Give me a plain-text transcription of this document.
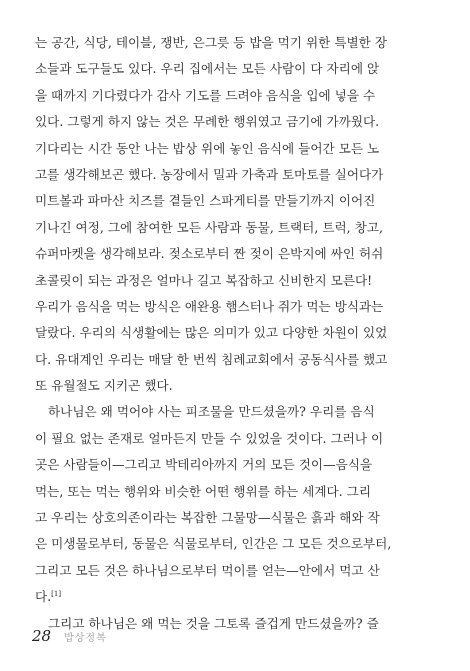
는 공간, 식당, 테이블, 쟁반, 은그릇 등 밥을 먹기 위한 특별한 장
소들과 도구들도 있다. 우리 집에서는 모든 사람이 다 자리에 앉
을 때까지 기다렸다가 감사 기도를 드려야 음식을 입에 넣을 수
있다. 그렇게 하지 않는 것은 무례한 행위였고 금기에 가까웠다.
기다리는 시간 동안 나는 밥상 위에 놓인 음식에 들어간 모든 노
고를 생각해보곤 했다. 농장에서 밀과 가축과 토마토를 실어다가
미트볼과 파마산 치즈를 곁들인 스파게티를 만들기까지 이어진
기나긴 여정, 그에 참여한 모든 사람과 동물, 트랙터, 트럭, 창고,
슈퍼마켓을 생각해보라. 젖소로부터 짠 젖이 은박지에 싸인 허쉬
초콜릿이 되는 과정은 얼마나 길고 복잡하고 신비한지 모른다!
우리가 음식을 먹는 방식은 애완용 햄스터나 쥐가 먹는 방식과는
달랐다. 우리의 식생활에는 많은 의미가 있고 다양한 차원이 있었
다. 유대계인 우리는 매달 한 번씩 침례교회에서 공동식사를 했고
또 유월절도 지키곤 했다.
하나님은 왜 먹어야 사는 피조물을 만드셨을까? 우리를 음식
이 필요 없는 존재로 얼마든지 만들 수 있었을 것이다. 그러나 이
곳은 사람들이—그리고 박테리아까지 거의 모든 것이—음식을
먹는, 또는 먹는 행위와 비슷한 어떤 행위를 하는 세계다. 그리
고 우리는 상호의존이라는 복잡한 그물망—식물은 흙과 해와 작
은 미생물로부터, 동물은 식물로부터, 인간은 그 모든 것으로부터,
그리고 모든 것은 하나님으로부터 먹이를 얻는—안에서 먹고 산
다.[1]
그리고 하나님은 왜 먹는 것을 그토록 즐겁게 만드셨을까? 즐
28 밥상정복
